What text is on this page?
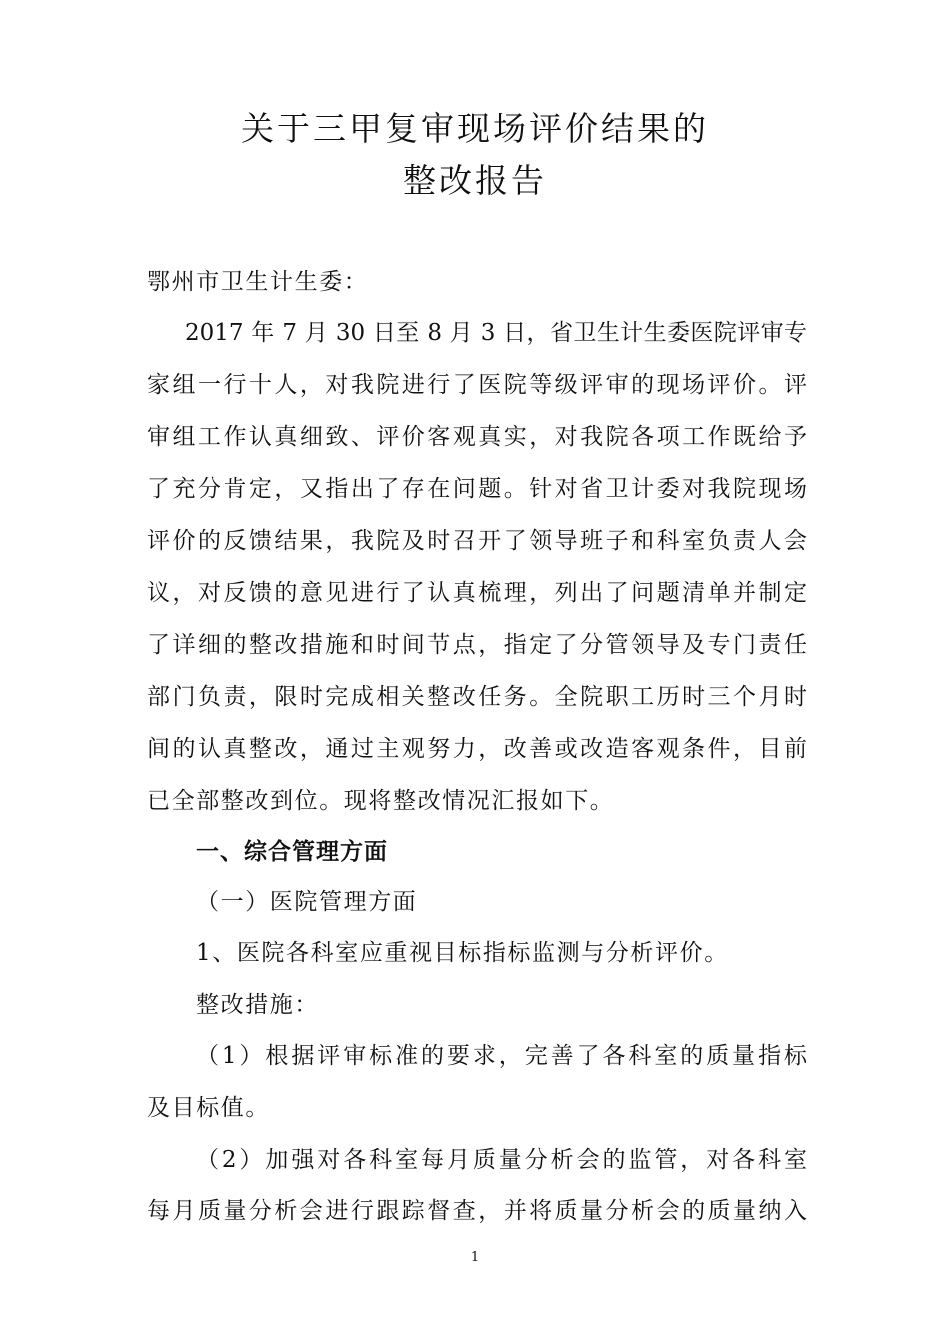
关于三甲复审现场评价结果的
整改报告
鄂州市卫生计生委：
2017 年 7 月 30 日至 8 月 3 日，省卫生计生委医院评审专
家组一行十人，对我院进行了医院等级评审的现场评价。评
审组工作认真细致、评价客观真实，对我院各项工作既给予
了充分肯定，又指出了存在问题。针对省卫计委对我院现场
评价的反馈结果，我院及时召开了领导班子和科室负责人会
议，对反馈的意见进行了认真梳理，列出了问题清单并制定
了详细的整改措施和时间节点，指定了分管领导及专门责任
部门负责，限时完成相关整改任务。全院职工历时三个月时
间的认真整改，通过主观努力，改善或改造客观条件，目前
已全部整改到位。现将整改情况汇报如下。
一、综合管理方面
（一）医院管理方面
1、医院各科室应重视目标指标监测与分析评价。
整改措施：
（1）根据评审标准的要求，完善了各科室的质量指标
及目标值。
（2）加强对各科室每月质量分析会的监管，对各科室
每月质量分析会进行跟踪督查，并将质量分析会的质量纳入
1
